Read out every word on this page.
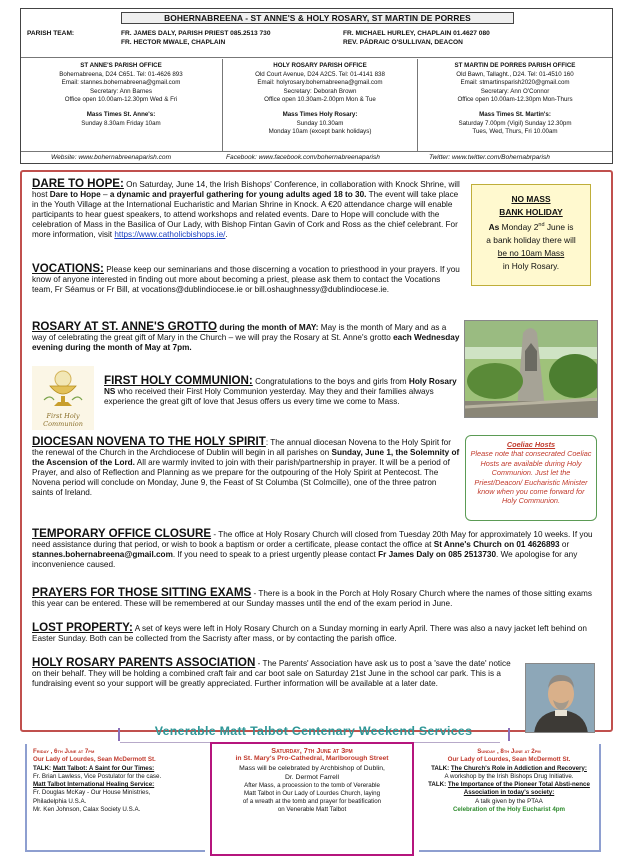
BOHERNABREENA - ST ANNE'S & HOLY ROSARY, ST MARTIN DE PORRES
PARISH TEAM:	FR. JAMES DALY, PARISH PRIEST 085.2513 730
FR. HECTOR MWALE, CHAPLAIN
FR. MICHAEL HURLEY, CHAPLAIN 01.4627 080
REV. PÁDRAIC O'SULLIVAN, DEACON
ST ANNE'S PARISH OFFICE
Bohernabreena, D24 C651. Tel: 01-4626 893
Email: stannes.bohernabreena@gmail.com
Secretary: Ann Barnes
Office open 10.00am-12.30pm Wed & Fri
Mass Times St. Anne's:
Sunday 8.30am Friday 10am
HOLY ROSARY PARISH OFFICE
Old Court Avenue, D24 A2C5. Tel: 01-4141 838
Email: holyrosary.bohernabreena@gmail.com
Secretary: Deborah Brown
Office open 10.30am-2.00pm Mon & Tue
Mass Times Holy Rosary:
Sunday 10.30am
Monday 10am (except bank holidays)
ST MARTIN DE PORRES PARISH OFFICE
Old Bawn, Tallaght., D24. Tel: 01-4510 160
Email: stmartinsparish2020@gmail.com
Secretary: Ann O'Connor
Office open 10.00am-12.30pm Mon-Thurs
Mass Times St. Martin's:
Saturday 7.00pm (Vigil) Sunday 12.30pm
Tues, Wed, Thurs, Fri 10.00am
Website: www.bohernabreenaparish.com	Facebook: www.facebook.com/bohernabreenaparish	Twitter: www.twitter.com/Bohernabrparish
DARE TO HOPE: On Saturday, June 14, the Irish Bishops' Conference, in collaboration with Knock Shrine, will host Dare to Hope – a dynamic and prayerful gathering for young adults aged 18 to 30. The event will take place in the Youth Village at the International Eucharistic and Marian Shrine in Knock. A €20 attendance charge will enable participants to hear guest speakers, to attend workshops and related events. Dare to Hope will conclude with the celebration of Mass in the Basilica of Our Lady, with Bishop Fintan Gavin of Cork and Ross as the chief celebrant. For more information, visit https://www.catholicbishops.ie/.
NO MASS
BANK HOLIDAY
As Monday 2nd June is
a bank holiday there will
be no 10am Mass
in Holy Rosary.
VOCATIONS: Please keep our seminarians and those discerning a vocation to priesthood in your prayers. If you know of anyone interested in finding out more about becoming a priest, please ask them to contact the Vocations team, Fr Séamus or Fr Bill, at vocations@dublindiocese.ie or bill.oshaughnessy@dublindiocese.ie.
ROSARY AT ST. ANNE'S GROTTO during the month of MAY: May is the month of Mary and as a way of celebrating the great gift of Mary in the Church – we will pray the Rosary at St. Anne's grotto each Wednesday evening during the month of May at 7pm.
First Holy
Communion
FIRST HOLY COMMUNION: Congratulations to the boys and girls from Holy Rosary NS who received their First Holy Communion yesterday. May they and their families always experience the great gift of love that Jesus offers us every time we come to Mass.
Coeliac Hosts
Please note that consecrated Coeliac Hosts are available during Holy Communion. Just let the Priest/Deacon/ Eucharistic Minister know when you come forward for Holy Communion.
DIOCESAN NOVENA TO THE HOLY SPIRIT: The annual diocesan Novena to the Holy Spirit for the renewal of the Church in the Archdiocese of Dublin will begin in all parishes on Sunday, June 1, the Solemnity of the Ascension of the Lord. All are warmly invited to join with their parish/partnership in prayer. It will be a period of Prayer, and also of Reflection and Planning as we prepare for the outpouring of the Holy Spirit at Pentecost. The Novena period will conclude on Monday, June 9, the Feast of St Columba (St Colmcille), one of the three patron saints of Ireland.
TEMPORARY OFFICE CLOSURE - The office at Holy Rosary Church will closed from Tuesday 20th May for approximately 10 weeks. If you need assistance during that period, or wish to book a baptism or order a certificate, please contact the office at St Anne's Church on 01 4626893 or stannes.bohernabreena@gmail.com. If you need to speak to a priest urgently please contact Fr James Daly on 085 2513730. We apologise for any inconvenience caused.
PRAYERS FOR THOSE SITTING EXAMS - There is a book in the Porch at Holy Rosary Church where the names of those sitting exams this year can be entered. These will be remembered at our Sunday masses until the end of the exam period in June.
LOST PROPERTY: A set of keys were left in Holy Rosary Church on a Sunday morning in early April. There was also a navy jacket left behind on Easter Sunday. Both can be collected from the Sacristy after mass, or by contacting the parish office.
HOLY ROSARY PARENTS ASSOCIATION - The Parents' Association have ask us to post a 'save the date' notice on their behalf. They will be holding a combined craft fair and car boot sale on Saturday 21st June in the school car park. This is a fundraising event so your support will be greatly appreciated. Further information will be available at a later date.
Venerable Matt Talbot Centenary Weekend Services
Friday , 6th June at 7pm
Our Lady of Lourdes, Sean McDermott St.
TALK: Matt Talbot: A Saint for Our Times:
Fr. Brian Lawless, Vice Postulator for the case.
Matt Talbot International Healing Service:
Fr. Douglas McKay - Our House Ministries,
Philadelphia U.S.A.
Mr. Ken Johnson, Calax Society U.S.A.
Saturday, 7th June at 3pm
in St. Mary's Pro-Cathedral, Marlborough Street
Mass will be celebrated by Archbishop of Dublin,
Dr. Dermot Farrell
After Mass, a procession to the tomb of Vererable
Matt Talbot in Our Lady of Lourdes Church, laying
of a wreath at the tomb and prayer for beatification
on Venerable Matt Talbot
Sunday , 8th June at 2pm
Our Lady of Lourdes, Sean McDermott St.
TALK: The Church's Role in Addiction and Recovery:
A workshop by the Irish Bishops Drug Initiative.
TALK: The Importance of the Pioneer Total Absti-nence Association in today's society:
A talk given by the PTAA
Celebration of the Holy Eucharist 4pm
